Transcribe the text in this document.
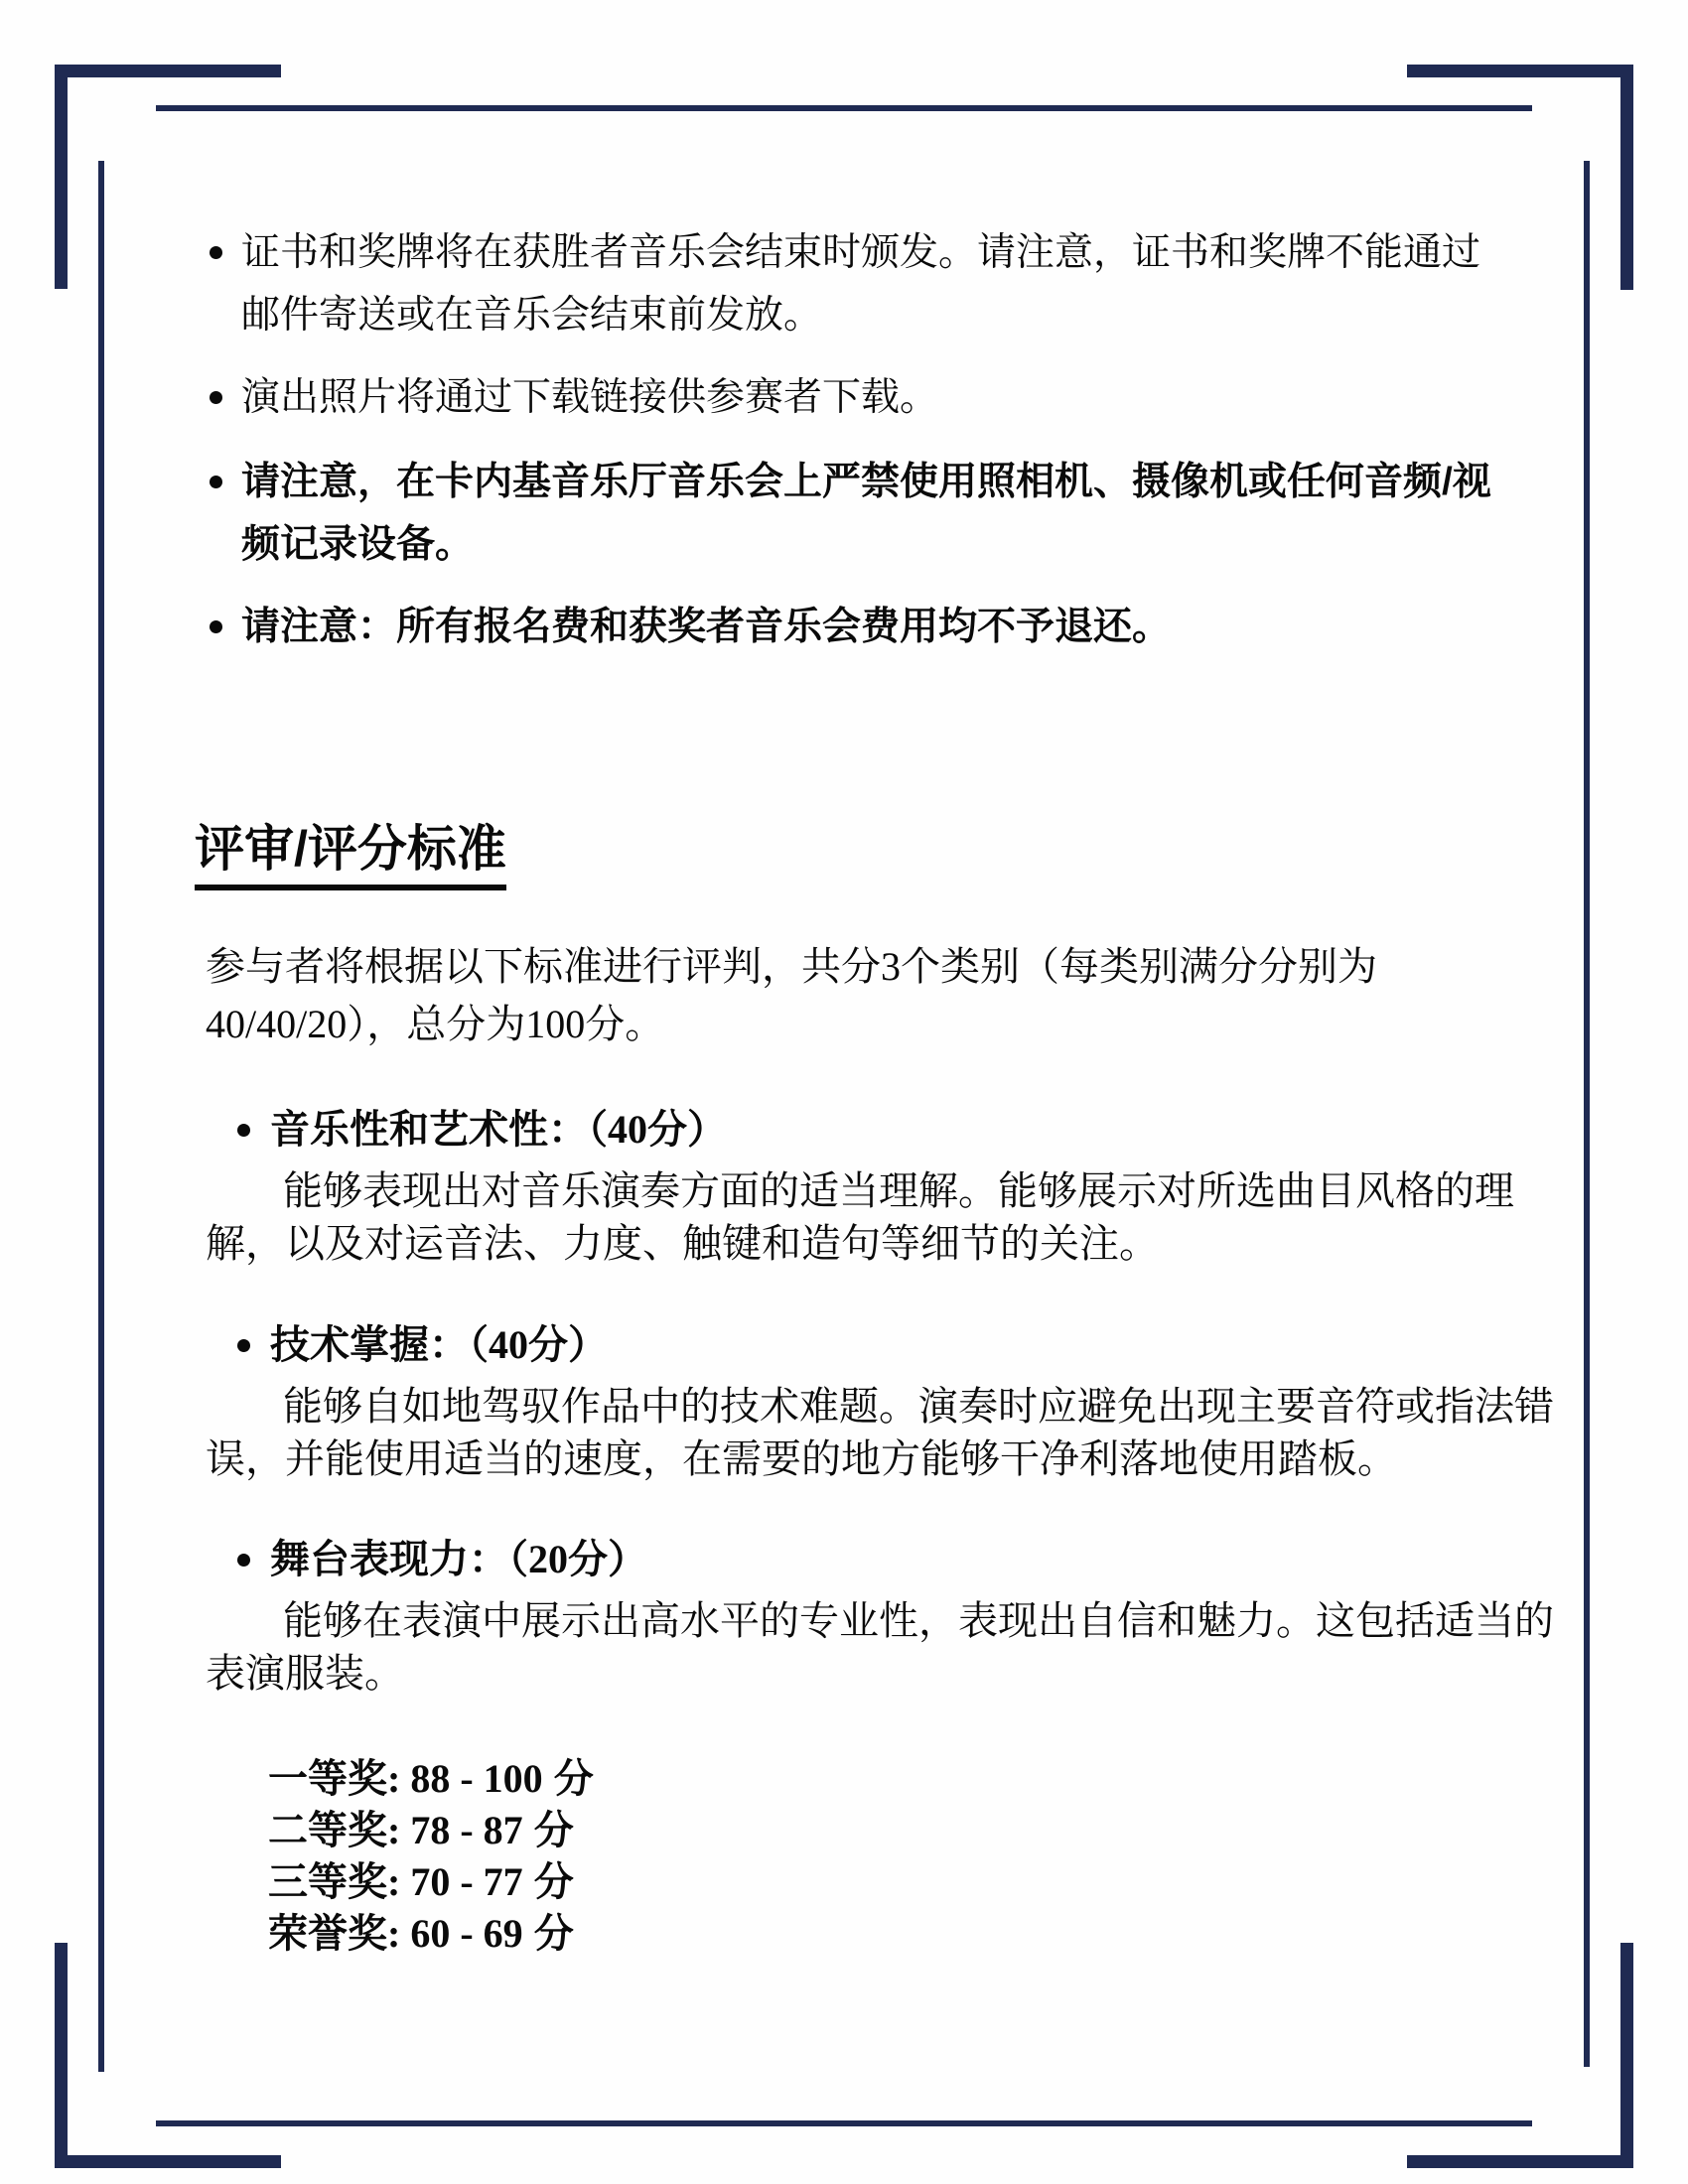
证书和奖牌将在获胜者音乐会结束时颁发。请注意，证书和奖牌不能通过邮件寄送或在音乐会结束前发放。
演出照片将通过下载链接供参赛者下载。
请注意，在卡内基音乐厅音乐会上严禁使用照相机、摄像机或任何音频/视频记录设备。
请注意：所有报名费和获奖者音乐会费用均不予退还。
评审/评分标准
参与者将根据以下标准进行评判，共分3个类别（每类别满分分别为
40/40/20），总分为100分。
音乐性和艺术性：（40分）
能够表现出对音乐演奏方面的适当理解。能够展示对所选曲目风格的理解，以及对运音法、力度、触键和造句等细节的关注。
技术掌握：（40分）
能够自如地驾驭作品中的技术难题。演奏时应避免出现主要音符或指法错误，并能使用适当的速度，在需要的地方能够干净利落地使用踏板。
舞台表现力：（20分）
能够在表演中展示出高水平的专业性，表现出自信和魅力。这包括适当的表演服装。
一等奖: 88 - 100 分
二等奖: 78 - 87 分
三等奖: 70 - 77 分
荣誉奖: 60 - 69 分
